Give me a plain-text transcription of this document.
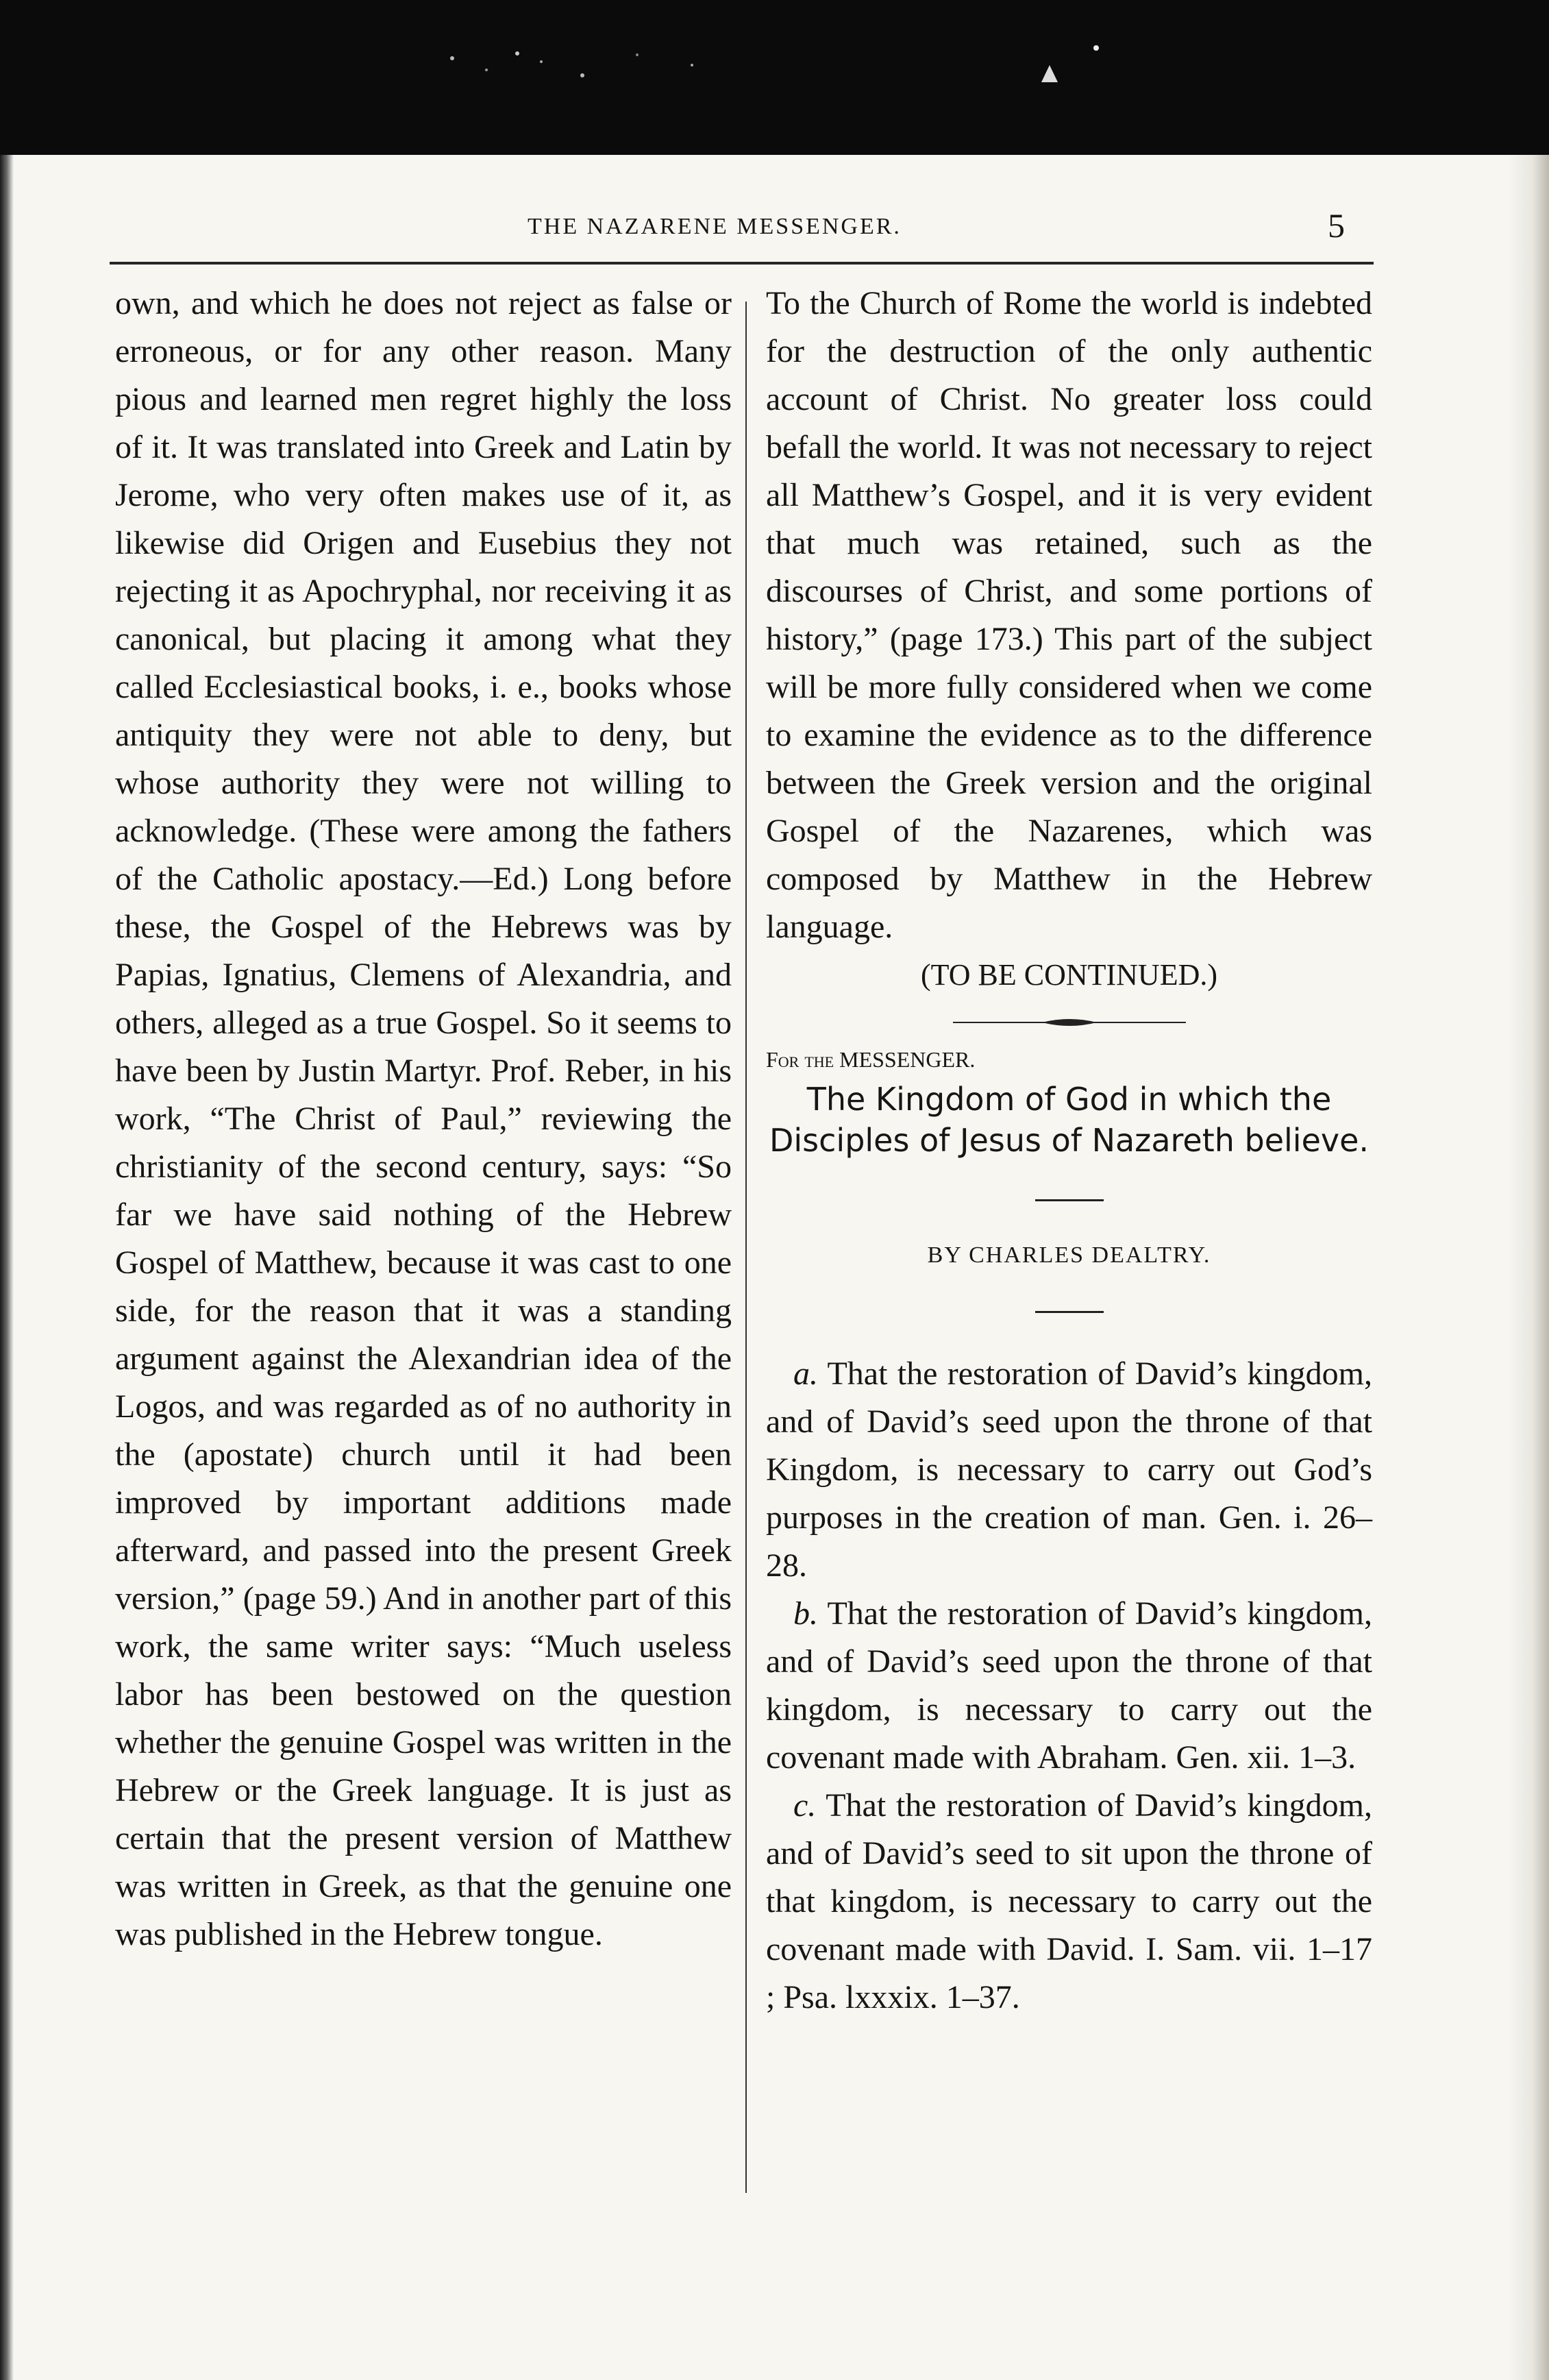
THE NAZARENE MESSENGER.	5

own, and which he does not reject as false or erroneous, or for any other reason. Many pious and learned men regret highly the loss of it. It was translated into Greek and Latin by Jerome, who very often makes use of it, as likewise did Origen and Eusebius they not rejecting it as Apochryphal, nor receiving it as canonical, but placing it among what they called Ecclesiastical books, i. e., books whose antiquity they were not able to deny, but whose authority they were not willing to acknowledge. (These were among the fathers of the Catholic apostacy.—Ed.) Long before these, the Gospel of the Hebrews was by Papias, Ignatius, Clemens of Alexandria, and others, alleged as a true Gospel. So it seems to have been by Justin Martyr. Prof. Reber, in his work, “The Christ of Paul,” reviewing the christianity of the second century, says: “So far we have said nothing of the Hebrew Gospel of Matthew, because it was cast to one side, for the reason that it was a standing argument against the Alexandrian idea of the Logos, and was regarded as of no authority in the (apostate) church until it had been improved by important additions made afterward, and passed into the present Greek version,” (page 59.) And in another part of this work, the same writer says: “Much useless labor has been bestowed on the question whether the genuine Gospel was written in the Hebrew or the Greek language. It is just as certain that the present version of Matthew was written in Greek, as that the genuine one was published in the Hebrew tongue.

To the Church of Rome the world is indebted for the destruction of the only authentic account of Christ. No greater loss could befall the world. It was not necessary to reject all Matthew’s Gospel, and it is very evident that much was retained, such as the discourses of Christ, and some portions of history,” (page 173.) This part of the subject will be more fully considered when we come to examine the evidence as to the difference between the Greek version and the original Gospel of the Nazarenes, which was composed by Matthew in the Hebrew language.

(TO BE CONTINUED.)

For the MESSENGER.

The Kingdom of God in which the Disciples of Jesus of Nazareth believe.

BY CHARLES DEALTRY.

a. That the restoration of David’s kingdom, and of David’s seed upon the throne of that Kingdom, is necessary to carry out God’s purposes in the creation of man. Gen. i. 26–28.

b. That the restoration of David’s kingdom, and of David’s seed upon the throne of that kingdom, is necessary to carry out the covenant made with Abraham. Gen. xii. 1–3.

c. That the restoration of David’s kingdom, and of David’s seed to sit upon the throne of that kingdom, is necessary to carry out the covenant made with David. I. Sam. vii. 1–17 ; Psa. lxxxix. 1–37.
